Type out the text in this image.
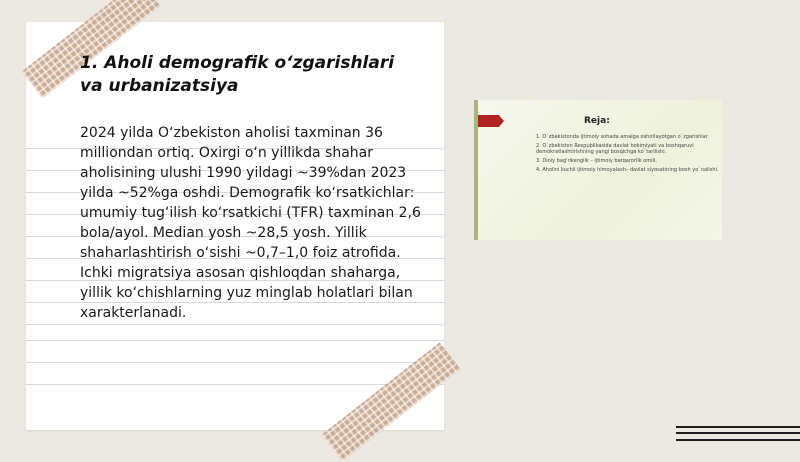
1. Aholi demografik o‘zgarishlari va urbanizatsiya
2024 yilda O‘zbekiston aholisi taxminan 36 milliondan ortiq. Oxirgi o‘n yillikda shahar aholisining ulushi 1990 yildagi ~39%dan 2023 yilda ~52%ga oshdi. Demografik ko‘rsatkichlar: umumiy tug‘ilish ko‘rsatkichi (TFR) taxminan 2,6 bola/ayol. Median yosh ~28,5 yosh. Yillik shaharlashtirish o‘sishi ~0,7–1,0 foiz atrofida. Ichki migratsiya asosan qishloqdan shaharga, yillik ko‘chishlarning yuz minglab holatlari bilan xarakterlanadi.
Reja:
1. O`zbekistonda ijtimoiy sohada amalga oshirilayotgan o`zgarishlar
2. O`zbekiston Respublikasida davlat hokimiyati va boshqaruvi demokratlashtirishning yangi bosqichga ko`tarilishi.
3. Diniy bag'rikenglik – ijtimoiy barqarorlik omili.
4. Aholini kuchli ijtimoiy himoyalash– davlat siyosatining bosh yo`nalishi.
